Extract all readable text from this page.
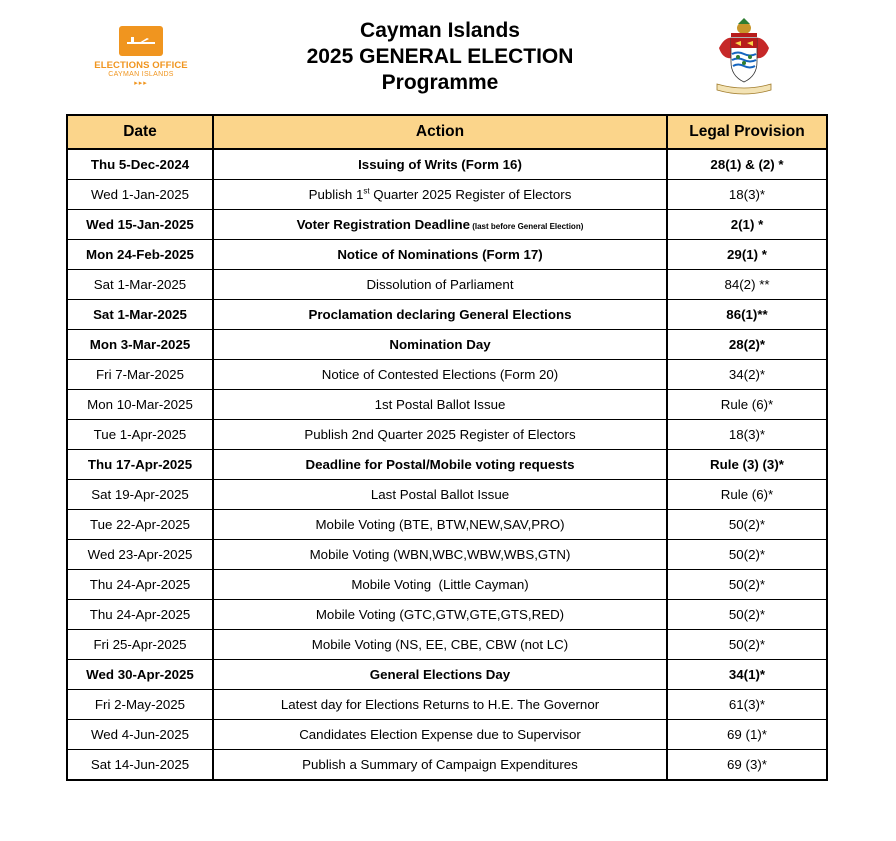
ELECTIONS OFFICE
CAYMAN ISLANDS
▸▸▸
Cayman Islands
2025 GENERAL ELECTION
Programme
Date	Action	Legal Provision
Thu 5-Dec-2024	Issuing of Writs (Form 16)	28(1) & (2) *
Wed 1-Jan-2025	Publish 1st Quarter 2025 Register of Electors	18(3)*
Wed 15-Jan-2025	Voter Registration Deadline (last before General Election)	2(1) *
Mon 24-Feb-2025	Notice of Nominations (Form 17)	29(1) *
Sat 1-Mar-2025	Dissolution of Parliament	84(2) **
Sat 1-Mar-2025	Proclamation declaring General Elections	86(1)**
Mon 3-Mar-2025	Nomination Day	28(2)*
Fri 7-Mar-2025	Notice of Contested Elections (Form 20)	34(2)*
Mon 10-Mar-2025	1st Postal Ballot Issue	Rule (6)*
Tue 1-Apr-2025	Publish 2nd Quarter 2025 Register of Electors	18(3)*
Thu 17-Apr-2025	Deadline for Postal/Mobile voting requests	Rule (3) (3)*
Sat 19-Apr-2025	Last Postal Ballot Issue	Rule (6)*
Tue 22-Apr-2025	Mobile Voting (BTE, BTW,NEW,SAV,PRO)	50(2)*
Wed 23-Apr-2025	Mobile Voting (WBN,WBC,WBW,WBS,GTN)	50(2)*
Thu 24-Apr-2025	Mobile Voting  (Little Cayman)	50(2)*
Thu 24-Apr-2025	Mobile Voting (GTC,GTW,GTE,GTS,RED)	50(2)*
Fri 25-Apr-2025	Mobile Voting (NS, EE, CBE, CBW (not LC)	50(2)*
Wed 30-Apr-2025	General Elections Day	34(1)*
Fri 2-May-2025	Latest day for Elections Returns to H.E. The Governor	61(3)*
Wed 4-Jun-2025	Candidates Election Expense due to Supervisor	69 (1)*
Sat 14-Jun-2025	Publish a Summary of Campaign Expenditures	69 (3)*
